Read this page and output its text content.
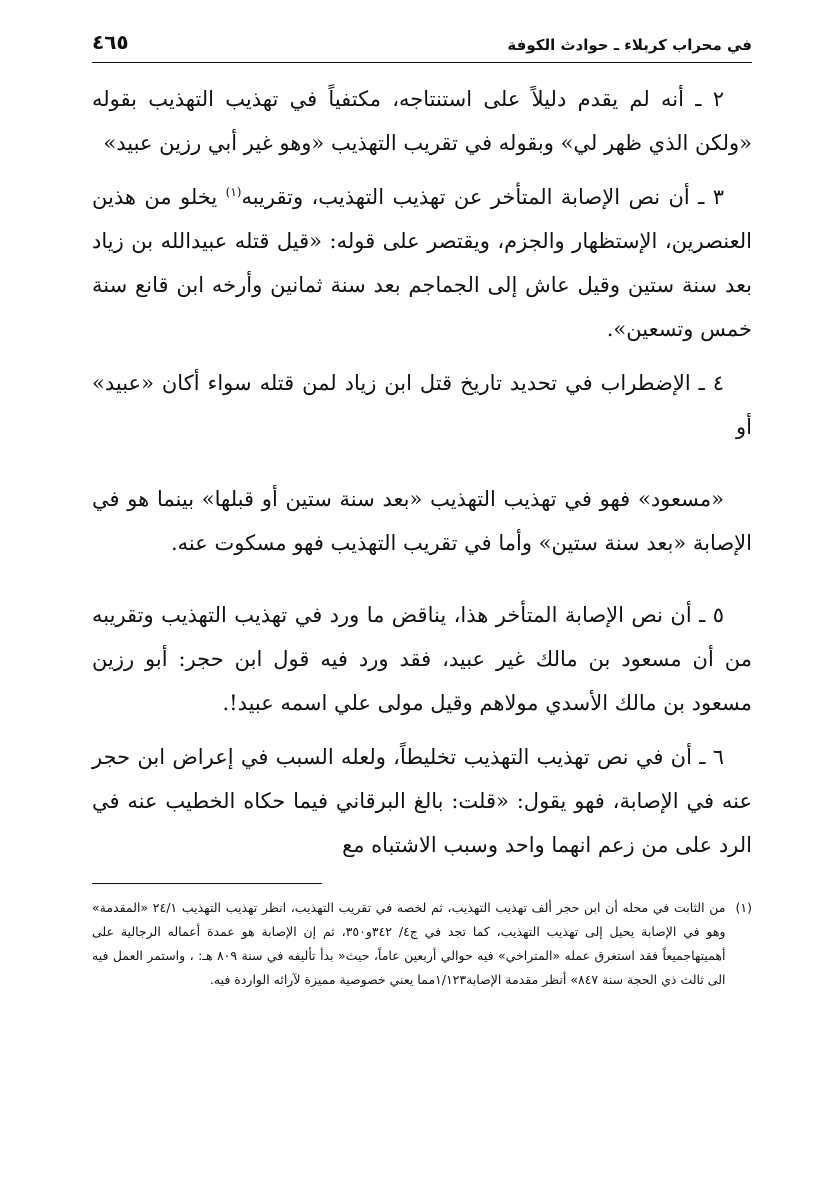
في محراب كربلاء ـ حوادث الكوفة
٤٦٥

٢ ـ أنه لم يقدم دليلاً على استنتاجه، مكتفياً في تهذيب التهذيب بقوله «ولكن الذي ظهر لي» وبقوله في تقريب التهذيب «وهو غير أبي رزين عبيد»

٣ ـ أن نص الإصابة المتأخر عن تهذيب التهذيب، وتقريبه$^{(١)}$ يخلو من هذين العنصرين، الإستظهار والجزم، ويقتصر على قوله: «قيل قتله عبيدالله بن زياد بعد سنة ستين وقيل عاش إلى الجماجم بعد سنة ثمانين وأرخه ابن قانع سنة خمس وتسعين».

٤ ـ الإضطراب في تحديد تاريخ قتل ابن زياد لمن قتله سواء أكان «عبيد» أو

«مسعود» فهو في تهذيب التهذيب «بعد سنة ستين أو قبلها» بينما هو في الإصابة «بعد سنة ستين» وأما في تقريب التهذيب فهو مسكوت عنه.

٥ ـ أن نص الإصابة المتأخر هذا، يناقض ما ورد في تهذيب التهذيب وتقريبه من أن مسعود بن مالك غير عبيد، فقد ورد فيه قول ابن حجر: أبو رزين مسعود بن مالك الأسدي مولاهم وقيل مولى علي اسمه عبيد!.

٦ ـ أن في نص تهذيب التهذيب تخليطاً، ولعله السبب في إعراض ابن حجر عنه في الإصابة، فهو يقول: «قلت: بالغ البرقاني فيما حكاه الخطيب عنه في الرد على من زعم انهما واحد وسبب الاشتباه مع

(١)
من الثابت في محله أن ابن حجر ألف تهذيب التهذيب، ثم لخصه في تقريب التهذيب، انظر تهذيب التهذيب ٢٤/١ «المقدمة» وهو في الإصابة يحيل إلى تهذيب التهذيب، كما تجد في ج٤/ ٣٤٢و٣٥٠، ثم إن الإصابة هو عمدة أعماله الرجالية على أهميتهاجميعاً فقد استغرق عمله «المتراخي» فيه حوالي أربعين عاماً، حيث« بدأ تأليفه في سنة ٨٠٩ هـ: ، واستمر العمل فيه الى ثالث ذي الحجة سنة ٨٤٧» أنظر مقدمة الإصابة١/١٢٣مما يعني خصوصية مميزة لآرائه الواردة فيه.
